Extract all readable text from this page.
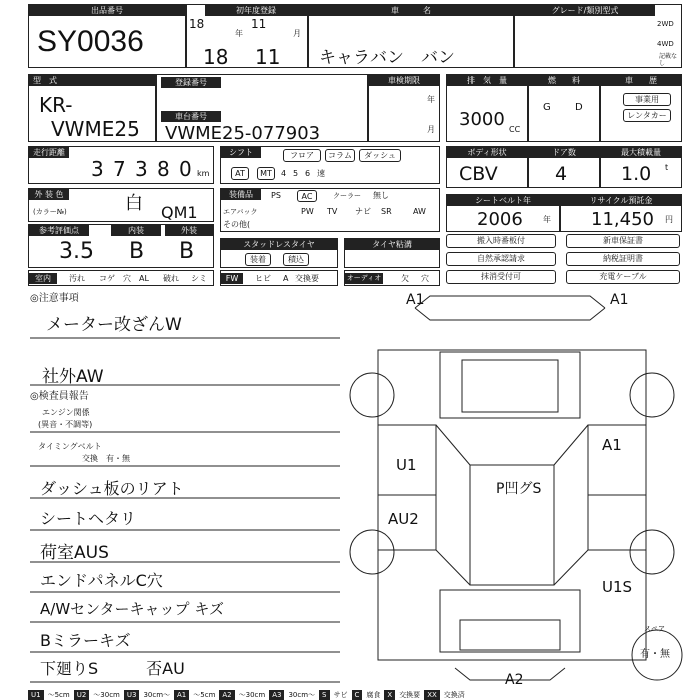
出品番号
SY0036
初年度登録
18
年
11
月
18 11
車　　　名
キャラバン　バン
グレード/類別型式
2WD
4WD
記載なし
型　式
KR-
VWME25
登録番号
車台番号
VWME25-077903
車検期限
年
月
排　気　量
3000 CC
燃　　料
G D
車　　歴
事業用
レンタカー
走行距離
3 7 3 8 0 km
シフト	フロア	コラム	ダッシュ
AT	MT	4 5 6 速
ボディ形状
CBV
ドア数
4
最大積載量
1.0 t
外 装 色
(カラー№)	白 QM1
装備品	PS	AC	クーラー 無し
エアバック	PW TV ナビ SR	AW
その他(
シートベルト年
2006	年
リサイクル預託金
11,450 円
参考評価点
3.5
内装
B
外装
B	スタッドレスタイヤ
装着	積込
タイヤ粘溝	搬入時番板付
自然承認請求
抹消受付可
新車保証書
納税証明書
充電ケーブル
室内	汚れ コゲ 穴 AL 破れ シミ	FW	ヒビ A 交換要	オーディオ 欠 穴
◎注意事項
メーター改ざんW
社外AW
◎検査員報告
エンジン関係
(異音・不調等)
タイミングベルト
交換　有・無
ダッシュ板のリアト
シートヘタリ
荷室AUS
エンドパネルC穴
A/Wセンターキャップ キズ
Bミラーキズ
下廻りS　　　否AU
A1	A1
A1
U1
AU2
P凹グS
U1S
A2
スペア
有・無
U1	〜5cm	U2	〜30cm	U3	30cm〜	A1	〜5cm	A2	〜30cm	A3	30cm〜	S	サビ	C	腐食	X	交換要	XX	交換済
